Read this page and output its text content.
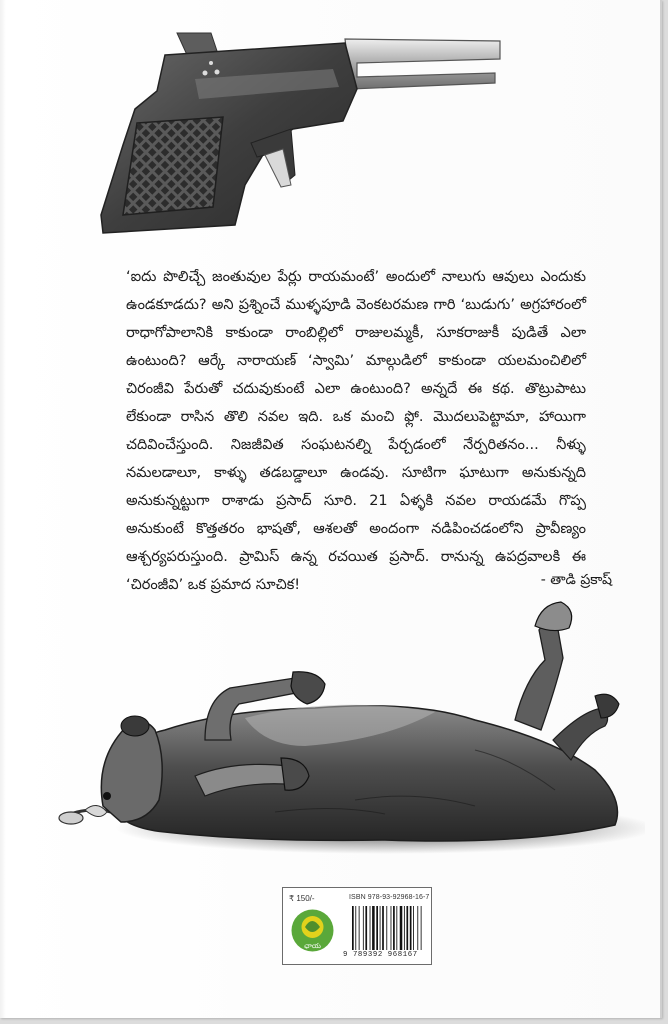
‘ఐదు పొలిచ్చే జంతువుల పేర్లు రాయమంటే’ అందులో నాలుగు ఆవులు ఎందుకు ఉండకూడదు? అని ప్రశ్నించే ముళ్ళపూడి వెంకటరమణ గారి ‘బుడుగు’ అగ్రహారంలో రాధాగోపాలానికి కాకుండా రాంబిల్లిలో రాజులమ్మకీ, సూకరాజుకీ పుడితే ఎలా ఉంటుంది? ఆర్కే నారాయణ్ ‘స్వామి’ మాల్గుడిలో కాకుండా యలమంచిలిలో చిరంజీవి పేరుతో చదువుకుంటే ఎలా ఉంటుంది? అన్నదే ఈ కథ. తొట్రుపాటు లేకుండా రాసిన తొలి నవల ఇది. ఒక మంచి ఫ్లో. మొదలుపెట్టామా, హాయిగా చదివించేస్తుంది. నిజజీవిత సంఘటనల్ని పేర్చడంలో నేర్పరితనం... నీళ్ళు నమలడాలూ, కాళ్ళు తడబడ్డాలూ ఉండవు. సూటిగా ఘాటుగా అనుకున్నది అనుకున్నట్టుగా రాశాడు ప్రసాద్ సూరి. 21 ఏళ్ళకి నవల రాయడమే గొప్ప అనుకుంటే కొత్తతరం భాషతో, ఆశలతో అందంగా నడిపించడంలోని ప్రావీణ్యం ఆశ్చర్యపరుస్తుంది. ప్రామిస్ ఉన్న రచయిత ప్రసాద్. రానున్న ఉపద్రవాలకి ఈ ‘చిరంజీవి’ ఒక ప్రమాద సూచిక!	- తాడి ప్రకాష్
₹ 150/-	ISBN 978-93-92968-16-7
ఛాయ
9 789392 968167
